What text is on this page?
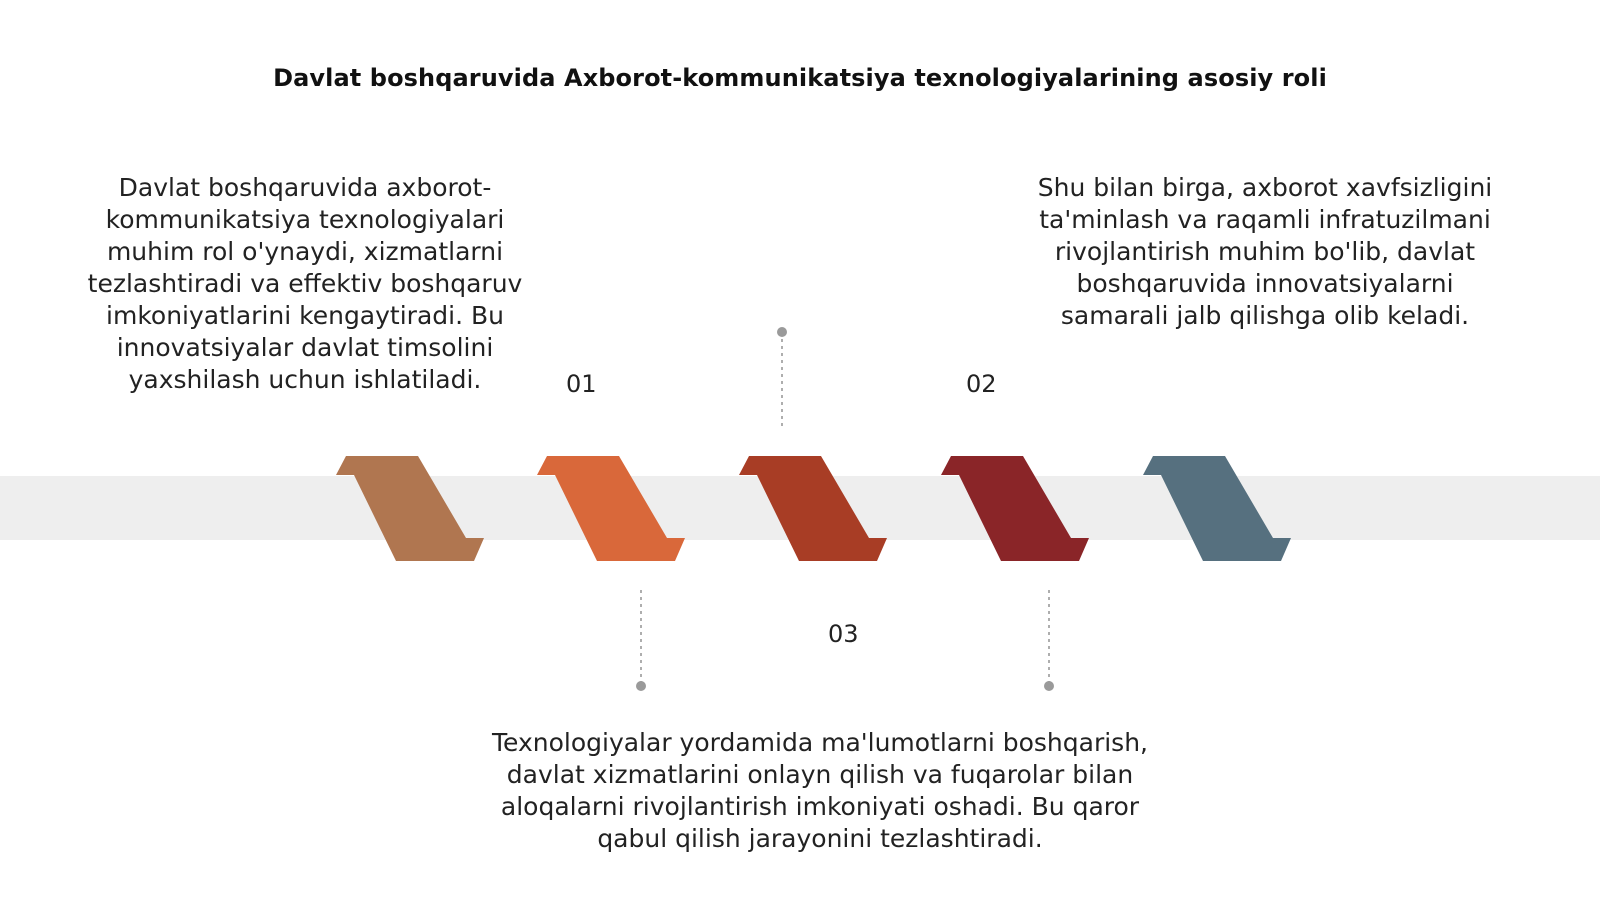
Davlat boshqaruvida Axborot-kommunikatsiya texnologiyalarining asosiy roli
Davlat boshqaruvida axborot-kommunikatsiya texnologiyalari muhim rol o'ynaydi, xizmatlarni tezlashtiradi va effektiv boshqaruv imkoniyatlarini kengaytiradi. Bu innovatsiyalar davlat timsolini yaxshilash uchun ishlatiladi.
Shu bilan birga, axborot xavfsizligini ta'minlash va raqamli infratuzilmani rivojlantirish muhim bo'lib, davlat boshqaruvida innovatsiyalarni samarali jalb qilishga olib keladi.
Texnologiyalar yordamida ma'lumotlarni boshqarish, davlat xizmatlarini onlayn qilish va fuqarolar bilan aloqalarni rivojlantirish imkoniyati oshadi. Bu qaror qabul qilish jarayonini tezlashtiradi.
01	02
03
